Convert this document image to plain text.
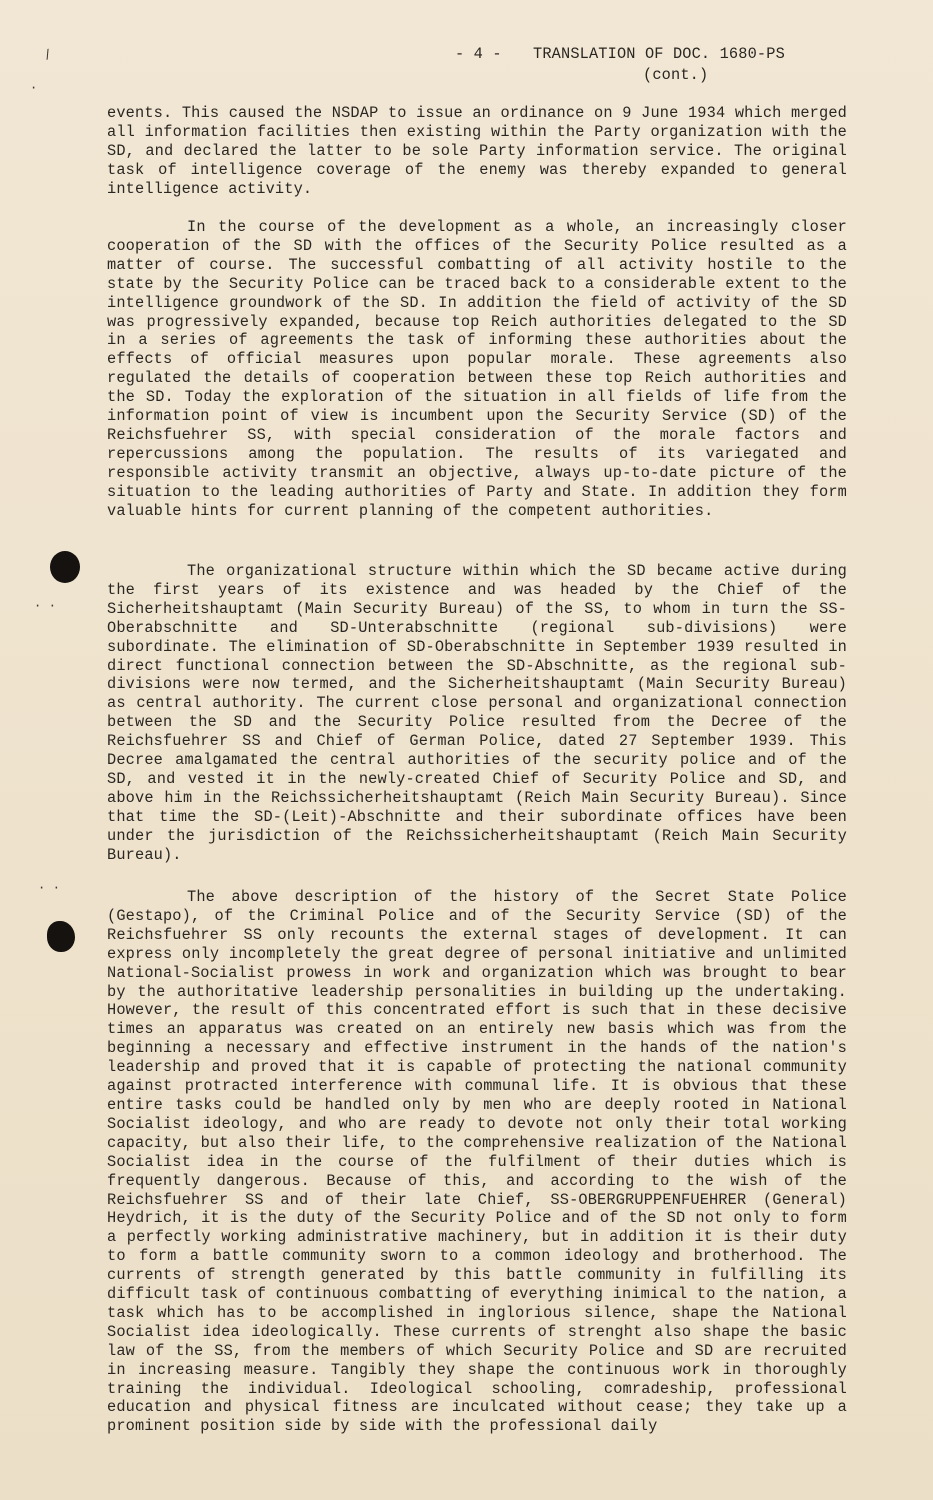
- 4 - TRANSLATION OF DOC. 1680-PS
(cont.)
events. This caused the NSDAP to issue an ordinance on 9 June 1934 which merged all information facilities then existing within the Party organization with the SD, and declared the latter to be sole Party information service. The original task of intelligence coverage of the enemy was thereby expanded to general intelligence activity.
In the course of the development as a whole, an increasingly closer cooperation of the SD with the offices of the Security Police resulted as a matter of course. The successful combatting of all activity hostile to the state by the Security Police can be traced back to a considerable extent to the intelligence groundwork of the SD. In addition the field of activity of the SD was progressively expanded, because top Reich authorities delegated to the SD in a series of agreements the task of informing these authorities about the effects of official measures upon popular morale. These agreements also regulated the details of cooperation between these top Reich authorities and the SD. Today the exploration of the situation in all fields of life from the information point of view is incumbent upon the Security Service (SD) of the Reichsfuehrer SS, with special consideration of the morale factors and repercussions among the population. The results of its variegated and responsible activity transmit an objective, always up-to-date picture of the situation to the leading authorities of Party and State. In addition they form valuable hints for current planning of the competent authorities.
The organizational structure within which the SD became active during the first years of its existence and was headed by the Chief of the Sicherheitshauptamt (Main Security Bureau) of the SS, to whom in turn the SS-Oberabschnitte and SD-Unterabschnitte (regional sub-divisions) were subordinate. The elimination of SD-Oberabschnitte in September 1939 resulted in direct functional connection between the SD-Abschnitte, as the regional sub-divisions were now termed, and the Sicherheitshauptamt (Main Security Bureau) as central authority. The current close personal and organizational connection between the SD and the Security Police resulted from the Decree of the Reichsfuehrer SS and Chief of German Police, dated 27 September 1939. This Decree amalgamated the central authorities of the security police and of the SD, and vested it in the newly-created Chief of Security Police and SD, and above him in the Reichssicherheitshauptamt (Reich Main Security Bureau). Since that time the SD-(Leit)-Abschnitte and their subordinate offices have been under the jurisdiction of the Reichssicherheitshauptamt (Reich Main Security Bureau).
The above description of the history of the Secret State Police (Gestapo), of the Criminal Police and of the Security Service (SD) of the Reichsfuehrer SS only recounts the external stages of development. It can express only incompletely the great degree of personal initiative and unlimited National-Socialist prowess in work and organization which was brought to bear by the authoritative leadership personalities in building up the undertaking. However, the result of this concentrated effort is such that in these decisive times an apparatus was created on an entirely new basis which was from the beginning a necessary and effective instrument in the hands of the nation's leadership and proved that it is capable of protecting the national community against protracted interference with communal life. It is obvious that these entire tasks could be handled only by men who are deeply rooted in National Socialist ideology, and who are ready to devote not only their total working capacity, but also their life, to the comprehensive realization of the National Socialist idea in the course of the fulfilment of their duties which is frequently dangerous. Because of this, and according to the wish of the Reichsfuehrer SS and of their late Chief, SS-OBERGRUPPENFUEHRER (General) Heydrich, it is the duty of the Security Police and of the SD not only to form a perfectly working administrative machinery, but in addition it is their duty to form a battle community sworn to a common ideology and brotherhood. The currents of strength generated by this battle community in fulfilling its difficult task of continuous combatting of everything inimical to the nation, a task which has to be accomplished in inglorious silence, shape the National Socialist idea ideologically. These currents of strenght also shape the basic law of the SS, from the members of which Security Police and SD are recruited in increasing measure. Tangibly they shape the continuous work in thoroughly training the individual. Ideological schooling, comradeship, professional education and physical fitness are inculcated without cease; they take up a prominent position side by side with the professional daily
/
·
· ·
· ·
